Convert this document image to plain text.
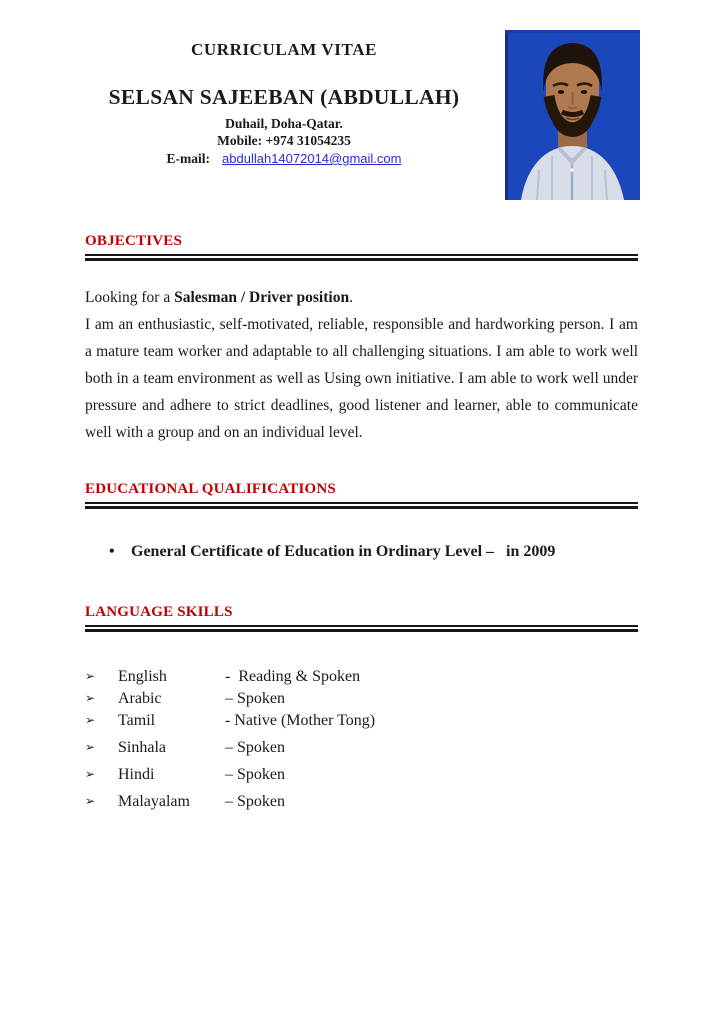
CURRICULAM VITAE
SELSAN SAJEEBAN (ABDULLAH)
Duhail, Doha-Qatar.
Mobile: +974 31054235
E-mail: abdullah14072014@gmail.com
OBJECTIVES
Looking for a Salesman / Driver position.
I am an enthusiastic, self-motivated, reliable, responsible and hardworking person. I am a mature team worker and adaptable to all challenging situations. I am able to work well both in a team environment as well as Using own initiative. I am able to work well under pressure and adhere to strict deadlines, good listener and learner, able to communicate well with a group and on an individual level.
EDUCATIONAL QUALIFICATIONS
•	General Certificate of Education in Ordinary Level –   in 2009
LANGUAGE SKILLS
➢	English	-  Reading & Spoken
➢	Arabic	– Spoken
➢	Tamil	- Native (Mother Tong)
➢	Sinhala	– Spoken
➢	Hindi	– Spoken
➢	Malayalam	– Spoken
